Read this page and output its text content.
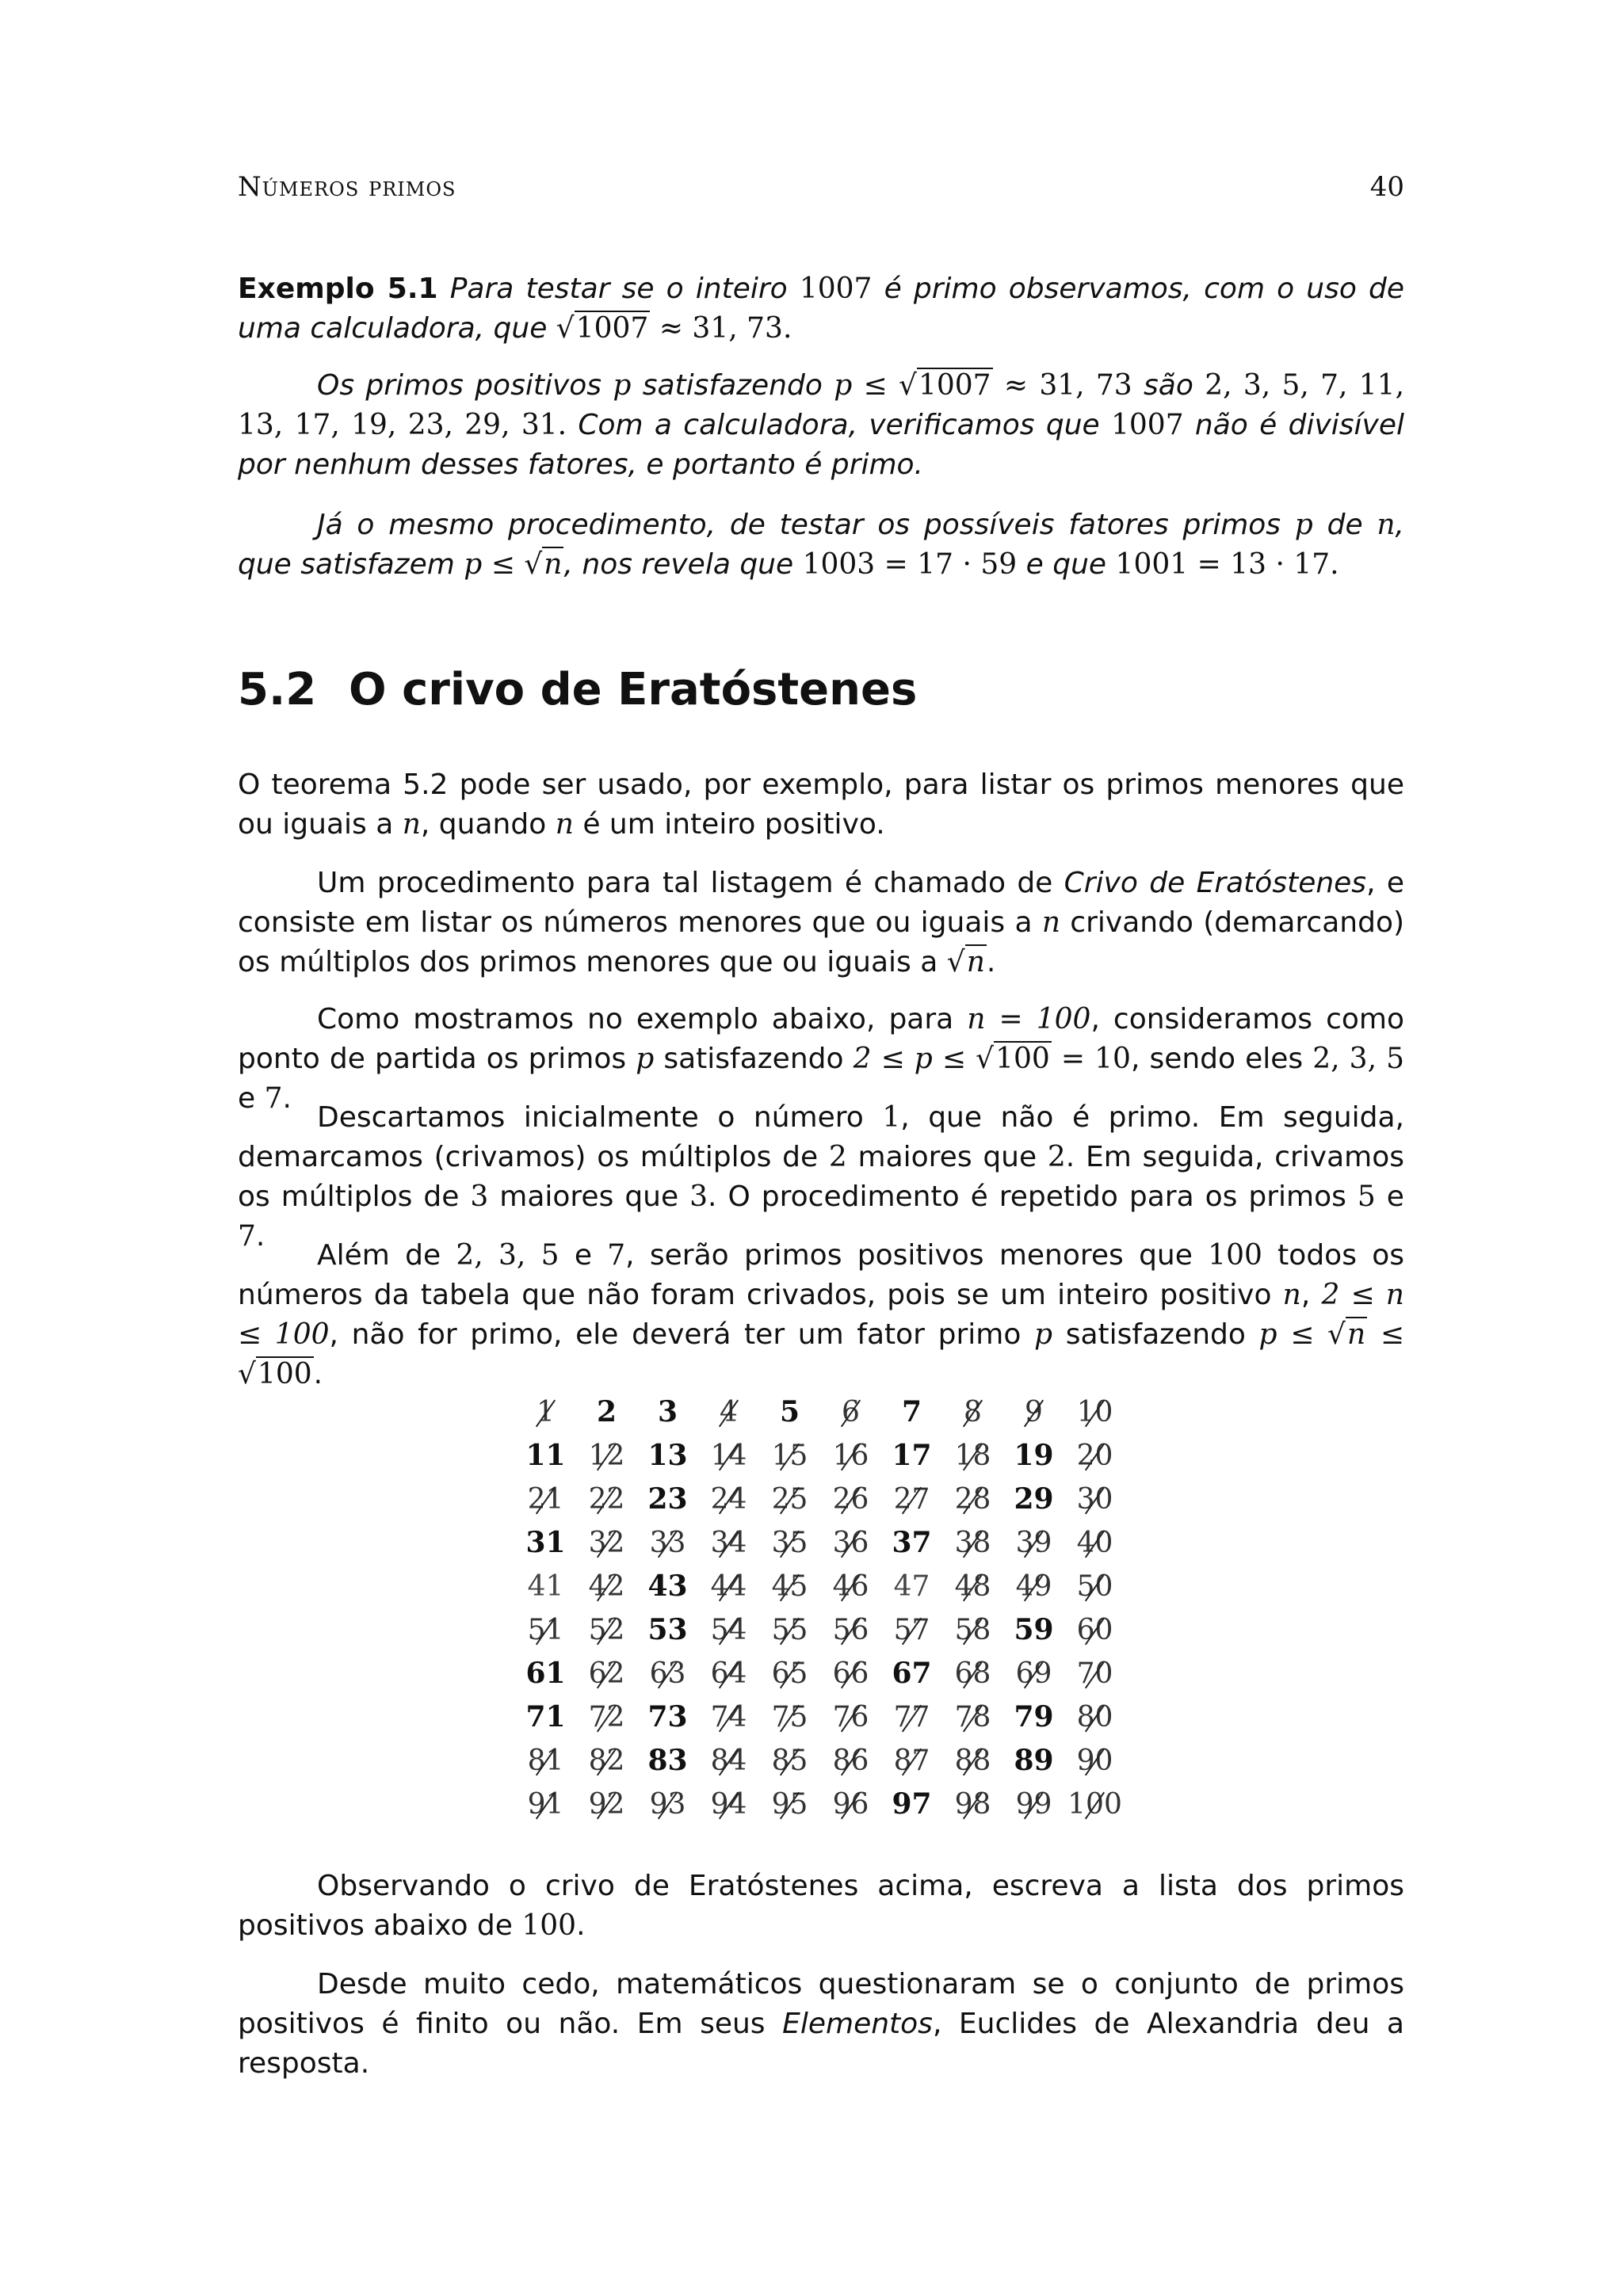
Números primos	40

Exemplo 5.1 Para testar se o inteiro 1007 é primo observamos, com o uso de uma calculadora, que √1007 ≈ 31, 73.

Os primos positivos p satisfazendo p ≤ √1007 ≈ 31, 73 são 2, 3, 5, 7, 11, 13, 17, 19, 23, 29, 31. Com a calculadora, verificamos que 1007 não é divisível por nenhum desses fatores, e portanto é primo.

Já o mesmo procedimento, de testar os possíveis fatores primos p de n, que satisfazem p ≤ √n, nos revela que 1003 = 17 · 59 e que 1001 = 13 · 17.

5.2 O crivo de Eratóstenes

O teorema 5.2 pode ser usado, por exemplo, para listar os primos menores que ou iguais a n, quando n é um inteiro positivo.

Um procedimento para tal listagem é chamado de Crivo de Eratóstenes, e consiste em listar os números menores que ou iguais a n crivando (demarcando) os múltiplos dos primos menores que ou iguais a √n.

Como mostramos no exemplo abaixo, para n = 100, consideramos como ponto de partida os primos p satisfazendo 2 ≤ p ≤ √100 = 10, sendo eles 2, 3, 5 e 7.

Descartamos inicialmente o número 1, que não é primo. Em seguida, demarcamos (crivamos) os múltiplos de 2 maiores que 2. Em seguida, crivamos os múltiplos de 3 maiores que 3. O procedimento é repetido para os primos 5 e 7.

Além de 2, 3, 5 e 7, serão primos positivos menores que 100 todos os números da tabela que não foram crivados, pois se um inteiro positivo n, 2 ≤ n ≤ 100, não for primo, ele deverá ter um fator primo p satisfazendo p ≤ √n ≤ √100.

1	2	3	4	5	6	7	8	9	10
11 12 13 14 15 16 17 18 19 20
21 22 23 24 25 26 27 28 29 30
31 32 33 34 35 36 37 38 39 40
41 42 43 44 45 46 47 48 49 50
51 52 53 54 55 56 57 58 59 60
61 62 63 64 65 66 67 68 69 70
71 72 73 74 75 76 77 78 79 80
81 82 83 84 85 86 87 88 89 90
91 92 93 94 95 96 97 98 99 100

Observando o crivo de Eratóstenes acima, escreva a lista dos primos positivos abaixo de 100.

Desde muito cedo, matemáticos questionaram se o conjunto de primos positivos é finito ou não. Em seus Elementos, Euclides de Alexandria deu a resposta.
